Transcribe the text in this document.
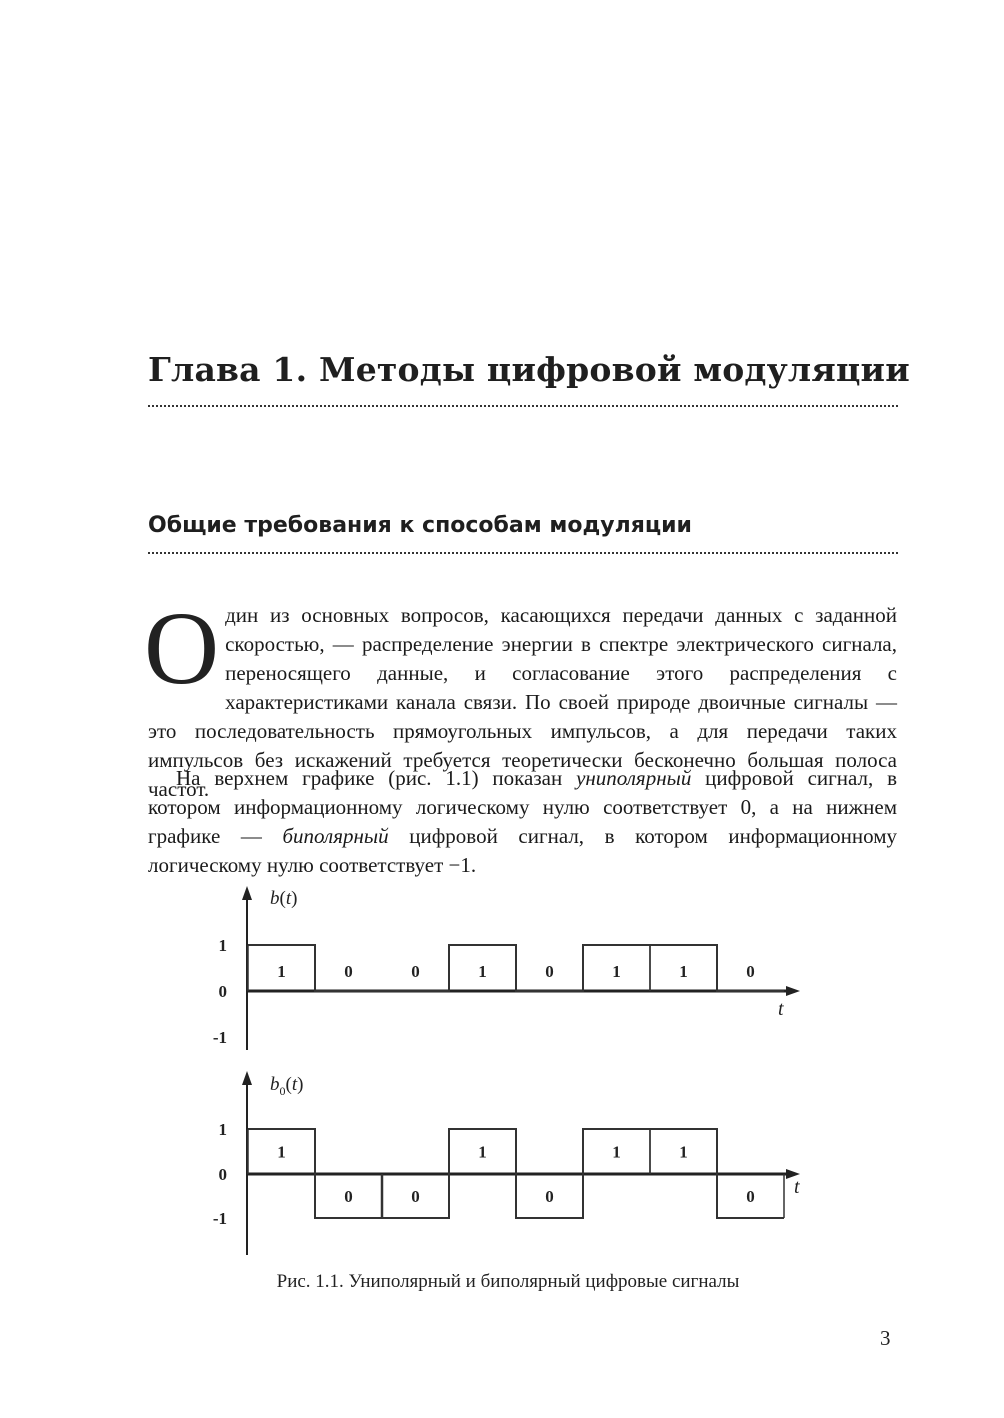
Глава 1. Методы цифровой модуляции
Общие требования к способам модуляции
Один из основных вопросов, касающихся передачи данных с заданной скоростью, — распределение энергии в спектре электрического сигнала, переносящего данные, и согласование этого распределения с характеристиками канала связи. По своей природе двоичные сигналы — это последовательность прямоугольных импульсов, а для передачи таких импульсов без искажений требуется теоретически бесконечно большая полоса частот.
На верхнем графике (рис. 1.1) показан униполярный цифровой сигнал, в котором информационному логическому нулю соответствует 0, а на нижнем графике — биполярный цифровой сигнал, в котором информационному логическому нулю соответствует −1.
1
0
-1
b(t)
t
1	0	0	1	0	1	1	0
1
0
-1
$b_0(t)$
t
1
0	0
1
0
1	1
0
Рис. 1.1. Униполярный и биполярный цифровые сигналы
3
